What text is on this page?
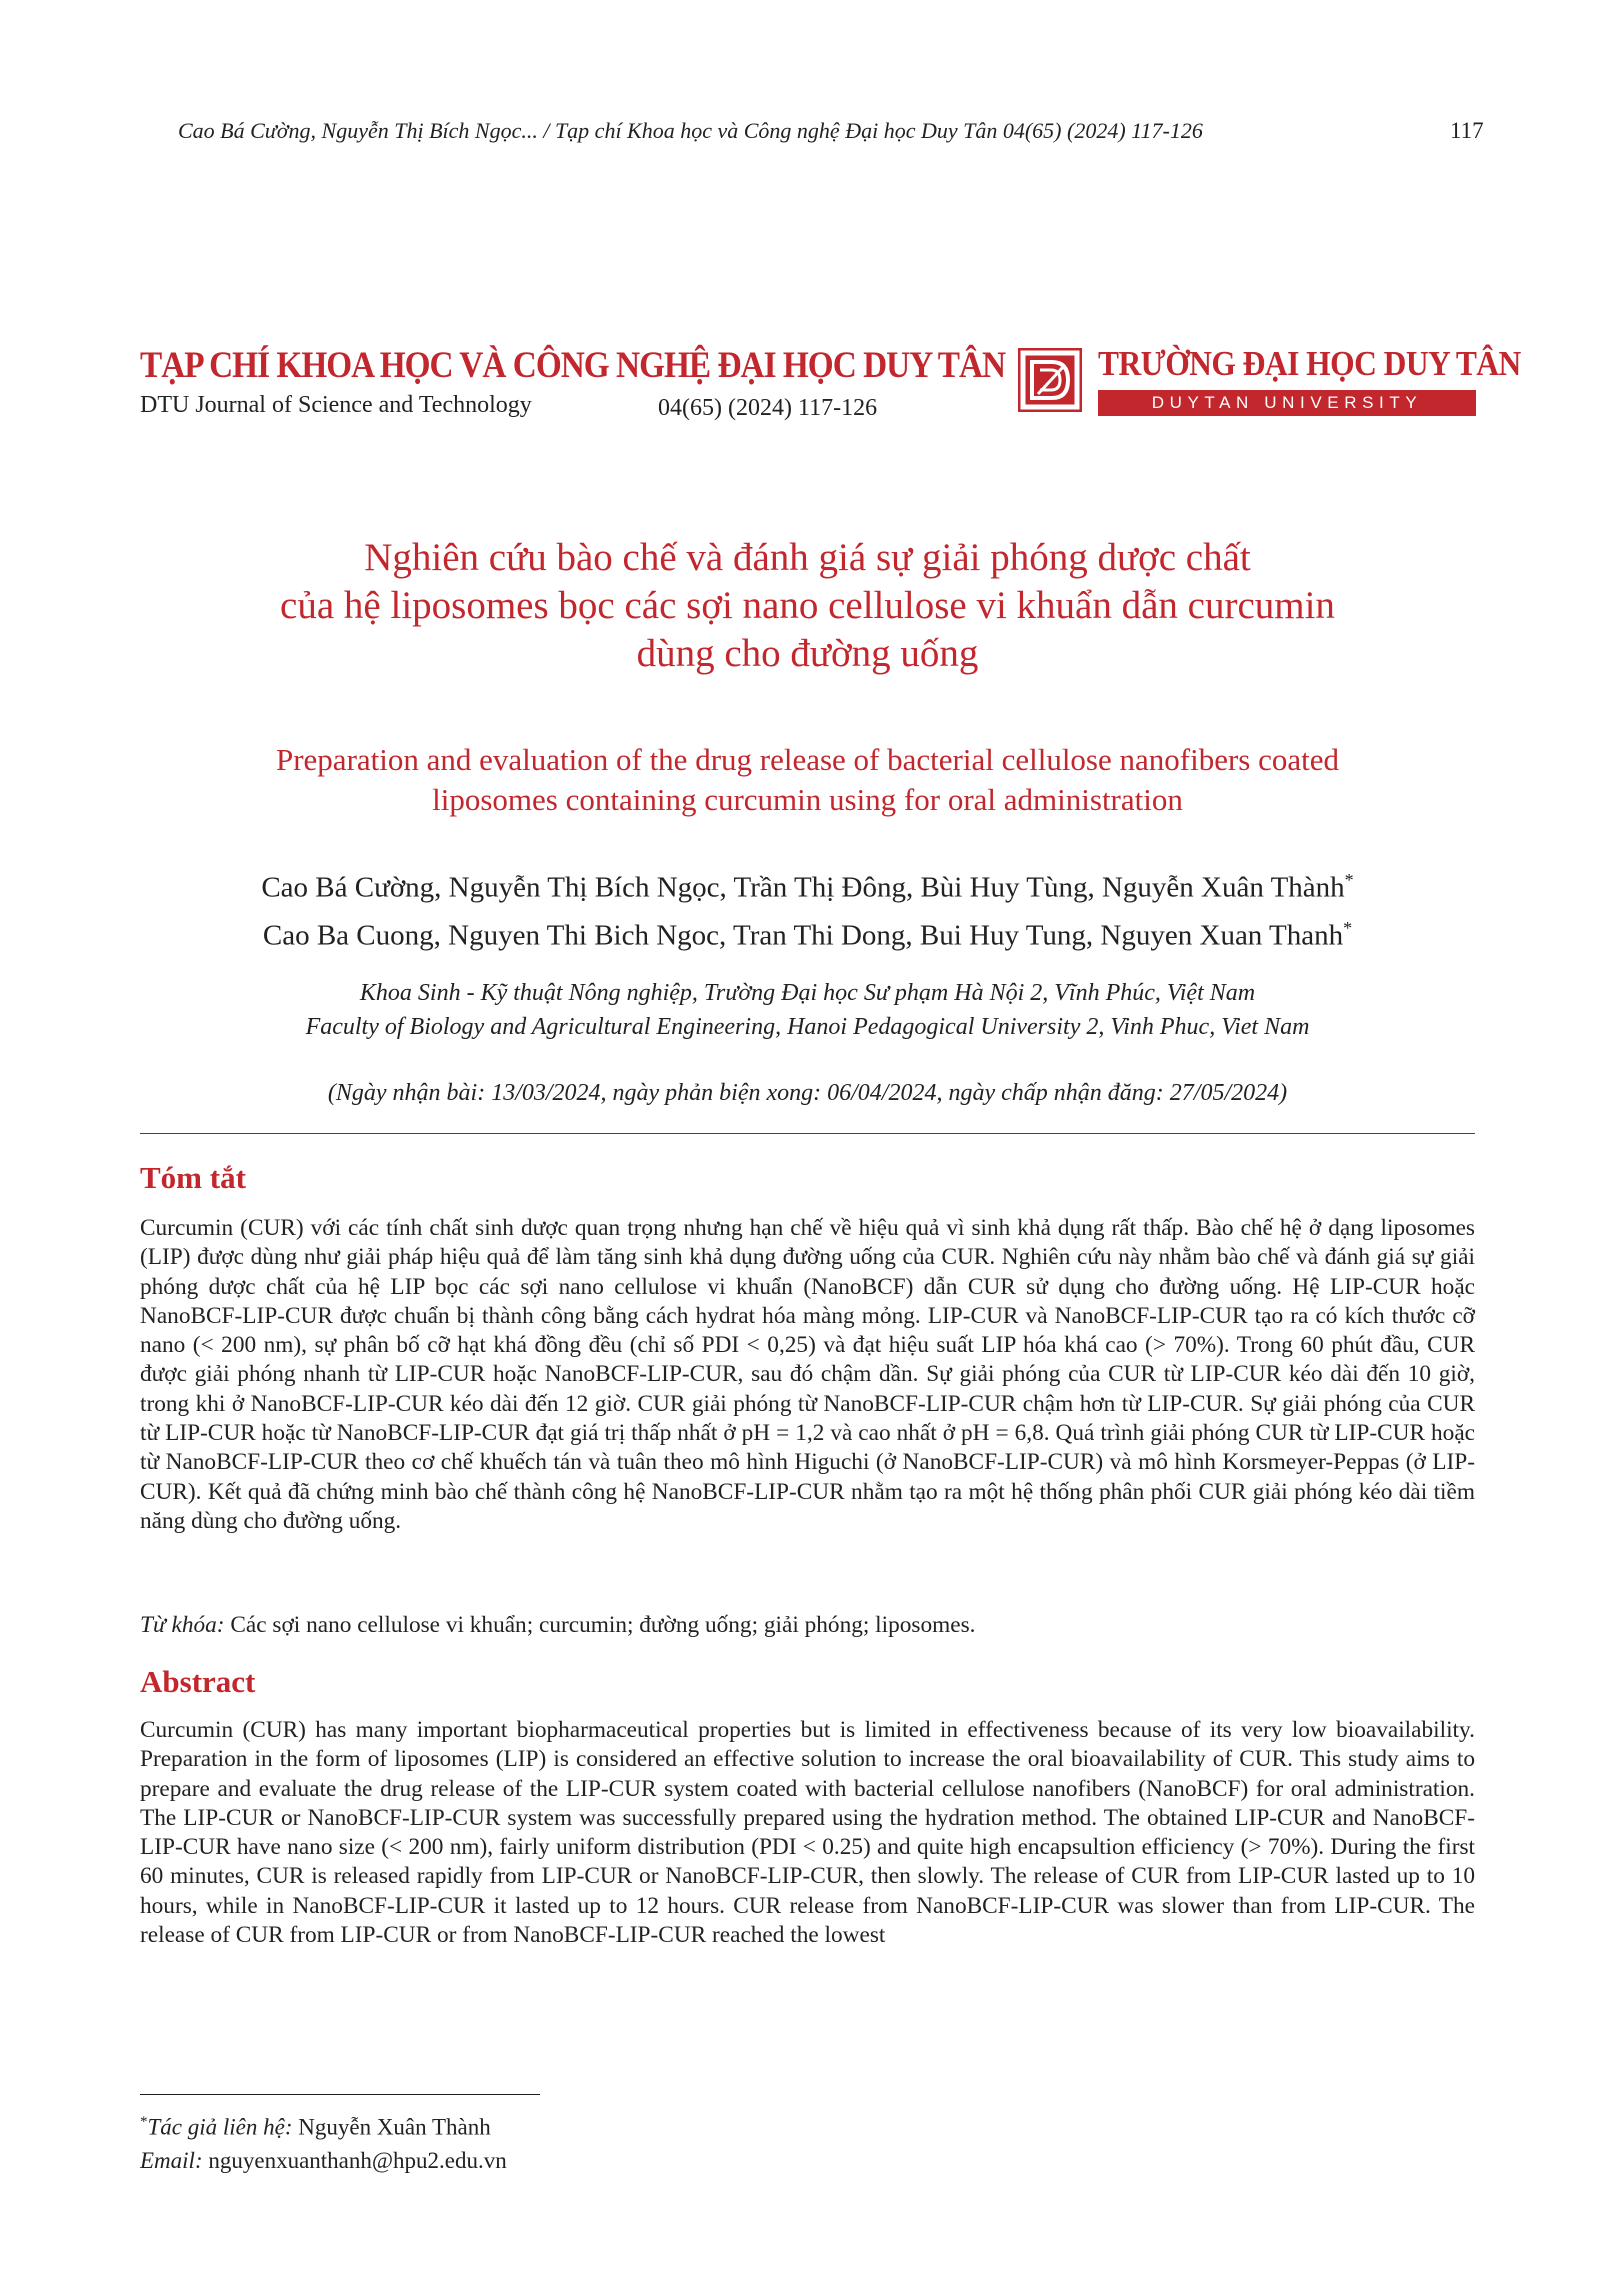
Cao Bá Cường, Nguyễn Thị Bích Ngọc... / Tạp chí Khoa học và Công nghệ Đại học Duy Tân 04(65) (2024) 117-126	117
TẠP CHÍ KHOA HỌC VÀ CÔNG NGHỆ ĐẠI HỌC DUY TÂN
DTU Journal of Science and Technology	04(65) (2024) 117-126
TRƯỜNG ĐẠI HỌC DUY TÂN
DUYTAN UNIVERSITY
Nghiên cứu bào chế và đánh giá sự giải phóng dược chất
của hệ liposomes bọc các sợi nano cellulose vi khuẩn dẫn curcumin
dùng cho đường uống
Preparation and evaluation of the drug release of bacterial cellulose nanofibers coated
liposomes containing curcumin using for oral administration
Cao Bá Cường, Nguyễn Thị Bích Ngọc, Trần Thị Đông, Bùi Huy Tùng, Nguyễn Xuân Thành*
Cao Ba Cuong, Nguyen Thi Bich Ngoc, Tran Thi Dong, Bui Huy Tung, Nguyen Xuan Thanh*
Khoa Sinh - Kỹ thuật Nông nghiệp, Trường Đại học Sư phạm Hà Nội 2, Vĩnh Phúc, Việt Nam
Faculty of Biology and Agricultural Engineering, Hanoi Pedagogical University 2, Vinh Phuc, Viet Nam
(Ngày nhận bài: 13/03/2024, ngày phản biện xong: 06/04/2024, ngày chấp nhận đăng: 27/05/2024)
Tóm tắt
Curcumin (CUR) với các tính chất sinh dược quan trọng nhưng hạn chế về hiệu quả vì sinh khả dụng rất thấp. Bào chế hệ ở dạng liposomes (LIP) được dùng như giải pháp hiệu quả để làm tăng sinh khả dụng đường uống của CUR. Nghiên cứu này nhằm bào chế và đánh giá sự giải phóng dược chất của hệ LIP bọc các sợi nano cellulose vi khuẩn (NanoBCF) dẫn CUR sử dụng cho đường uống. Hệ LIP-CUR hoặc NanoBCF-LIP-CUR được chuẩn bị thành công bằng cách hydrat hóa màng mỏng. LIP-CUR và NanoBCF-LIP-CUR tạo ra có kích thước cỡ nano (< 200 nm), sự phân bố cỡ hạt khá đồng đều (chỉ số PDI < 0,25) và đạt hiệu suất LIP hóa khá cao (> 70%). Trong 60 phút đầu, CUR được giải phóng nhanh từ LIP-CUR hoặc NanoBCF-LIP-CUR, sau đó chậm dần. Sự giải phóng của CUR từ LIP-CUR kéo dài đến 10 giờ, trong khi ở NanoBCF-LIP-CUR kéo dài đến 12 giờ. CUR giải phóng từ NanoBCF-LIP-CUR chậm hơn từ LIP-CUR. Sự giải phóng của CUR từ LIP-CUR hoặc từ NanoBCF-LIP-CUR đạt giá trị thấp nhất ở pH = 1,2 và cao nhất ở pH = 6,8. Quá trình giải phóng CUR từ LIP-CUR hoặc từ NanoBCF-LIP-CUR theo cơ chế khuếch tán và tuân theo mô hình Higuchi (ở NanoBCF-LIP-CUR) và mô hình Korsmeyer-Peppas (ở LIP-CUR). Kết quả đã chứng minh bào chế thành công hệ NanoBCF-LIP-CUR nhằm tạo ra một hệ thống phân phối CUR giải phóng kéo dài tiềm năng dùng cho đường uống.
Từ khóa: Các sợi nano cellulose vi khuẩn; curcumin; đường uống; giải phóng; liposomes.
Abstract
Curcumin (CUR) has many important biopharmaceutical properties but is limited in effectiveness because of its very low bioavailability. Preparation in the form of liposomes (LIP) is considered an effective solution to increase the oral bioavailability of CUR. This study aims to prepare and evaluate the drug release of the LIP-CUR system coated with bacterial cellulose nanofibers (NanoBCF) for oral administration. The LIP-CUR or NanoBCF-LIP-CUR system was successfully prepared using the hydration method. The obtained LIP-CUR and NanoBCF-LIP-CUR have nano size (< 200 nm), fairly uniform distribution (PDI < 0.25) and quite high encapsultion efficiency (> 70%). During the first 60 minutes, CUR is released rapidly from LIP-CUR or NanoBCF-LIP-CUR, then slowly. The release of CUR from LIP-CUR lasted up to 10 hours, while in NanoBCF-LIP-CUR it lasted up to 12 hours. CUR release from NanoBCF-LIP-CUR was slower than from LIP-CUR. The release of CUR from LIP-CUR or from NanoBCF-LIP-CUR reached the lowest
*Tác giả liên hệ: Nguyễn Xuân Thành
Email: nguyenxuanthanh@hpu2.edu.vn
